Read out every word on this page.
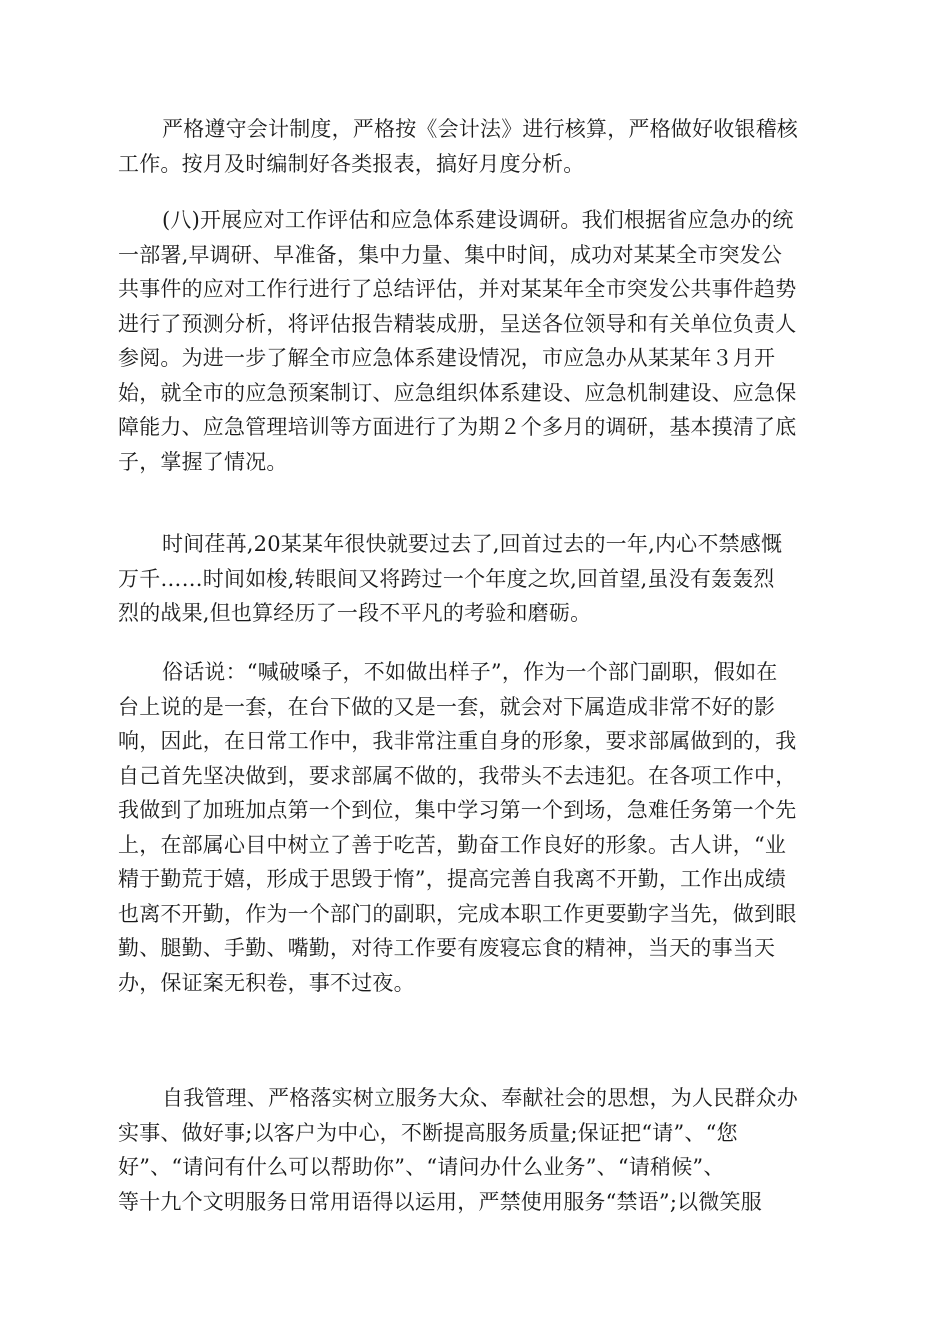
严格遵守会计制度，严格按《会计法》进行核算，严格做好收银稽核
工作。按月及时编制好各类报表，搞好月度分析。
(八)开展应对工作评估和应急体系建设调研。我们根据省应急办的统
一部署,早调研、早准备，集中力量、集中时间，成功对某某全市突发公
共事件的应对工作行进行了总结评估，并对某某年全市突发公共事件趋势
进行了预测分析，将评估报告精装成册，呈送各位领导和有关单位负责人
参阅。为进一步了解全市应急体系建设情况，市应急办从某某年３月开
始，就全市的应急预案制订、应急组织体系建设、应急机制建设、应急保
障能力、应急管理培训等方面进行了为期２个多月的调研，基本摸清了底
子，掌握了情况。
时间荏苒,20某某年很快就要过去了,回首过去的一年,内心不禁感慨
万千……时间如梭,转眼间又将跨过一个年度之坎,回首望,虽没有轰轰烈
烈的战果,但也算经历了一段不平凡的考验和磨砺。
俗话说：“喊破嗓子，不如做出样子”，作为一个部门副职，假如在
台上说的是一套，在台下做的又是一套，就会对下属造成非常不好的影
响，因此，在日常工作中，我非常注重自身的形象，要求部属做到的，我
自己首先坚决做到，要求部属不做的，我带头不去违犯。在各项工作中，
我做到了加班加点第一个到位，集中学习第一个到场，急难任务第一个先
上，在部属心目中树立了善于吃苦，勤奋工作良好的形象。古人讲，“业
精于勤荒于嬉，形成于思毁于惰”，提高完善自我离不开勤，工作出成绩
也离不开勤，作为一个部门的副职，完成本职工作更要勤字当先，做到眼
勤、腿勤、手勤、嘴勤，对待工作要有废寝忘食的精神，当天的事当天
办，保证案无积卷，事不过夜。
自我管理、严格落实树立服务大众、奉献社会的思想，为人民群众办
实事、做好事;以客户为中心，不断提高服务质量;保证把“请”、“您
好”、“请问有什么可以帮助你”、“请问办什么业务”、“请稍候”、
等十九个文明服务日常用语得以运用，严禁使用服务“禁语”;以微笑服
